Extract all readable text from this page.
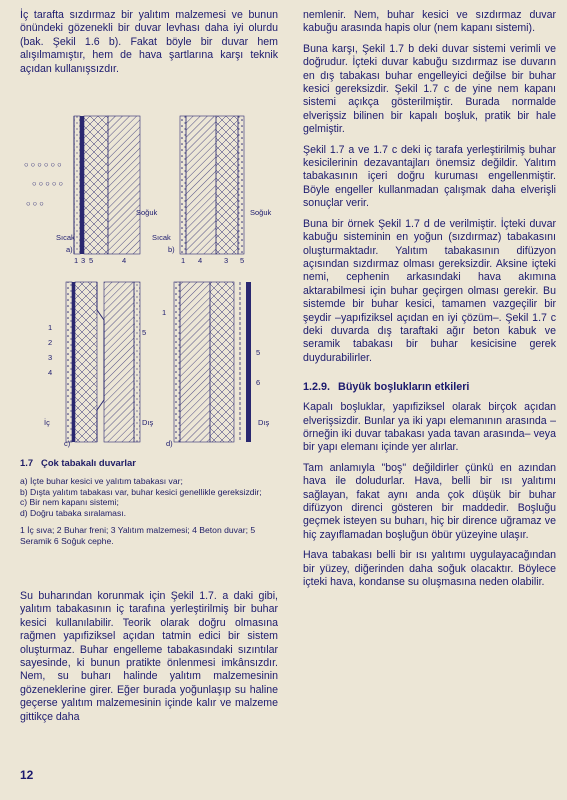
İç tarafta sızdırmaz bir yalıtım malzemesi ve bunun önündeki gözenekli bir duvar levhası daha iyi olurdu (bak. Şekil 1.6 b). Fakat böyle bir duvar hem alışılmamıştır, hem de hava şartlarına karşı teknik açıdan kullanışsızdır.

○ ○ ○ ○ ○ ○
○ ○ ○ ○ ○
○ ○ ○
Sıcak
Soğuk
a)
1 3 5	4
Sıcak
Soğuk
b)
1 4	3 5
1
2
3
4
5
İç	Dış
c)
1
5
6
Dış
d)
1.7 Çok tabakalı duvarlar
a) İçte buhar kesici ve yalıtım tabakası var;
b) Dışta yalıtım tabakası var, buhar kesici genellikle gereksizdir;
c) Bir nem kapanı sistemi;
d) Doğru tabaka sıralaması.
1 İç sıva; 2 Buhar freni; 3 Yalıtım malzemesi; 4 Beton duvar; 5 Seramik 6 Soğuk cephe.

Su buharından korunmak için Şekil 1.7. a daki gibi, yalıtım tabakasının iç tarafına yerleştirilmiş bir buhar kesici kullanılabilir. Teorik olarak doğru olmasına rağmen yapıfiziksel açıdan tatmin edici bir sistem oluşturmaz. Buhar engelleme tabakasındaki sızıntılar sayesinde, ki bunun pratikte önlenmesi imkânsızdır. Nem, su buharı halinde yalıtım malzemesinin gözeneklerine girer. Eğer burada yoğunlaşıp su haline geçerse yalıtım malzemesinin içinde kalır ve malzeme gittikçe daha

nemlenir. Nem, buhar kesici ve sızdırmaz duvar kabuğu arasında hapis olur (nem kapanı sistemi).

Buna karşı, Şekil 1.7 b deki duvar sistemi verimli ve doğrudur. İçteki duvar kabuğu sızdırmaz ise duvarın en dış tabakası buhar engelleyici değilse bir buhar kesici gereksizdir. Şekil 1.7 c de yine nem kapanı sistemi açıkça gösterilmiştir. Burada normalde elverişsiz bilinen bir kapalı boşluk, pratik bir hale gelmiştir.

Şekil 1.7 a ve 1.7 c deki iç tarafa yerleştirilmiş buhar kesicilerinin dezavantajları önemsiz değildir. Yalıtım tabakasının içeri doğru kuruması engellenmiştir. Böyle engeller kullanmadan çalışmak daha elverişli sonuçlar verir.

Buna bir örnek Şekil 1.7 d de verilmiştir. İçteki duvar kabuğu sisteminin en yoğun (sızdırmaz) tabakasını oluşturmaktadır. Yalıtım tabakasının difüzyon açısından sızdırmaz olması gereksizdir. Aksine içteki nemi, cephenin arkasındaki hava akımına aktarabilmesi için buhar geçirgen olması gerekir. Bu sistemde bir buhar kesici, tamamen vazgeçilir bir şeydir –yapıfiziksel açıdan en iyi çözüm–. Şekil 1.7 c deki duvarda dış taraftaki ağır beton kabuk ve seramik tabakası bir buhar kesicisine gerek duydurabilirler.

1.2.9. Büyük boşlukların etkileri

Kapalı boşluklar, yapıfiziksel olarak birçok açıdan elverişsizdir. Bunlar ya iki yapı elemanının arasında –örneğin iki duvar tabakası yada tavan arasında– veya bir yapı elemanı içinde yer alırlar.

Tam anlamıyla "boş" değildirler çünkü en azından hava ile doludurlar. Hava, belli bir ısı yalıtımı sağlayan, fakat aynı anda çok düşük bir buhar difüzyon direnci gösteren bir maddedir. Boşluğu geçmek isteyen su buharı, hiç bir dirence uğramaz ve hiç zayıflamadan boşluğun öbür yüzeyine ulaşır.

Hava tabakası belli bir ısı yalıtımı uygulayacağından bir yüzey, diğerinden daha soğuk olacaktır. Böylece içteki hava, kondanse su oluşmasına neden olabilir.

12
